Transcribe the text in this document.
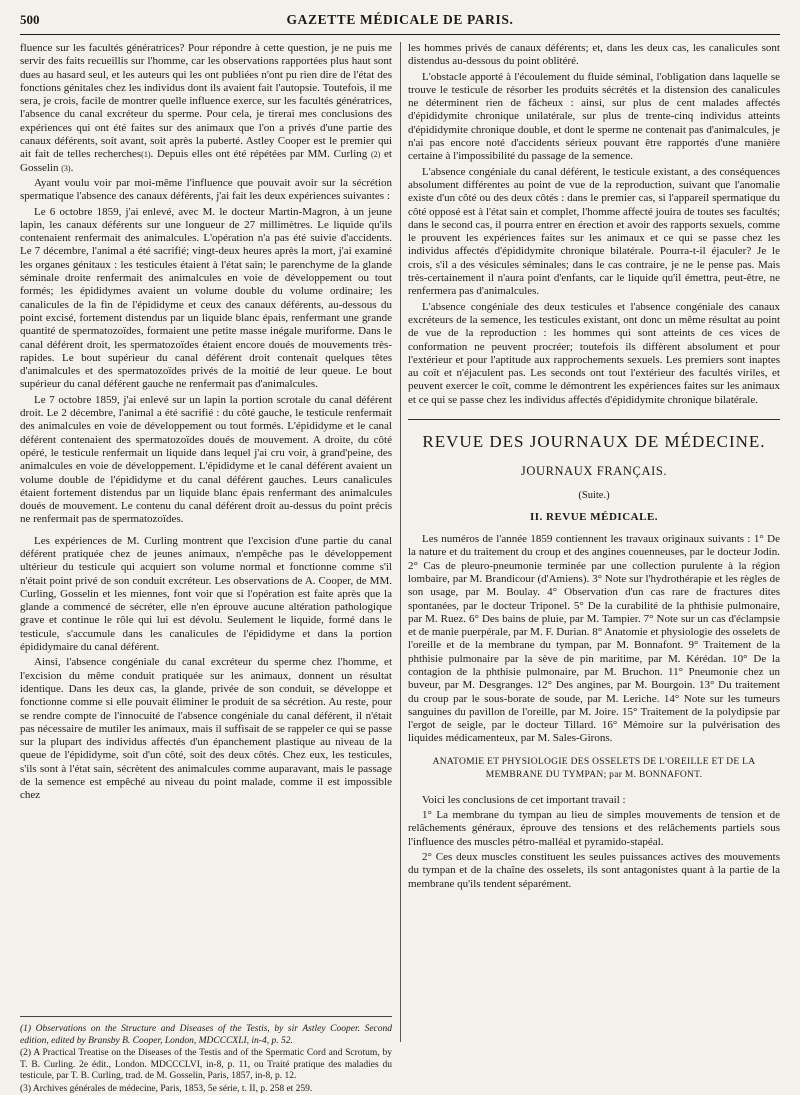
500	GAZETTE MÉDICALE DE PARIS.

fluence sur les facultés génératrices? Pour répondre à cette question, je ne puis me servir des faits recueillis sur l'homme, car les observations rapportées plus haut sont dues au hasard seul, et les auteurs qui les ont publiées n'ont pu rien dire de l'état des fonctions génitales chez les individus dont ils avaient fait l'autopsie. Toutefois, il me sera, je crois, facile de montrer quelle influence exerce, sur les facultés génératrices, l'absence du canal excréteur du sperme. Pour cela, je tirerai mes conclusions des expériences qui ont été faites sur des animaux que l'on a privés d'une partie des canaux déférents, soit avant, soit après la puberté. Astley Cooper est le premier qui ait fait de telles recherches$^{(1)}$. Depuis elles ont été répétées par MM. Curling $^{(2)}$ et Gosselin $^{(3)}$.

Ayant voulu voir par moi-même l'influence que pouvait avoir sur la sécrétion spermatique l'absence des canaux déférents, j'ai fait les deux expériences suivantes :

Le 6 octobre 1859, j'ai enlevé, avec M. le docteur Martin-Magron, à un jeune lapin, les canaux déférents sur une longueur de 27 millimètres. Le liquide qu'ils contenaient renfermait des animalcules. L'opération n'a pas été suivie d'accidents. Le 7 décembre, l'animal a été sacrifié; vingt-deux heures après la mort, j'ai examiné les organes génitaux : les testicules étaient à l'état sain; le parenchyme de la glande séminale droite renfermait des animalcules en voie de développement ou tout formés; les épididymes avaient un volume double du volume ordinaire; les canalicules de la fin de l'épididyme et ceux des canaux déférents, au-dessous du point excisé, fortement distendus par un liquide blanc épais, renfermant une grande quantité de spermatozoïdes, formaient une petite masse inégale muriforme. Dans le canal déférent droit, les spermatozoïdes étaient encore doués de mouvements très-rapides. Le bout supérieur du canal déférent droit contenait quelques têtes d'animalcules et des spermatozoïdes privés de la moitié de leur queue. Le bout supérieur du canal déférent gauche ne renfermait pas d'animalcules.

Le 7 octobre 1859, j'ai enlevé sur un lapin la portion scrotale du canal déférent droit. Le 2 décembre, l'animal a été sacrifié : du côté gauche, le testicule renfermait des animalcules en voie de développement ou tout formés. L'épididyme et le canal déférent contenaient des spermatozoïdes doués de mouvement. A droite, du côté opéré, le testicule renfermait un liquide dans lequel j'ai cru voir, à grand'peine, des animalcules en voie de développement. L'épididyme et le canal déférent avaient un volume double de l'épididyme et du canal déférent gauches. Leurs canalicules étaient fortement distendus par un liquide blanc épais renfermant des animalcules doués de mouvement. Le contenu du canal déférent droit au-dessus du point précis ne renfermait pas de spermatozoïdes.

Les expériences de M. Curling montrent que l'excision d'une partie du canal déférent pratiquée chez de jeunes animaux, n'empêche pas le développement ultérieur du testicule qui acquiert son volume normal et fonctionne comme s'il n'était point privé de son conduit excréteur. Les observations de A. Cooper, de MM. Curling, Gosselin et les miennes, font voir que si l'opération est faite après que la glande a commencé de sécréter, elle n'en éprouve aucune altération pathologique grave et continue le rôle qui lui est dévolu. Seulement le liquide, formé dans le testicule, s'accumule dans les canalicules de l'épididyme et dans la portion épididymaire du canal déférent.

Ainsi, l'absence congéniale du canal excréteur du sperme chez l'homme, et l'excision du même conduit pratiquée sur les animaux, donnent un résultat identique. Dans les deux cas, la glande, privée de son conduit, se développe et fonctionne comme si elle pouvait éliminer le produit de sa sécrétion. Au reste, pour se rendre compte de l'innocuité de l'absence congéniale du canal déférent, il n'était pas nécessaire de mutiler les animaux, mais il suffisait de se rappeler ce qui se passe sur la plupart des individus affectés d'un épanchement plastique au niveau de la queue de l'épididyme, soit d'un côté, soit des deux côtés. Chez eux, les testicules, s'ils sont à l'état sain, sécrètent des animalcules comme auparavant, mais le passage de la semence est empêché au niveau du point malade, comme il est impossible chez

(1) Observations on the Structure and Diseases of the Testis, by sir Astley Cooper. Second edition, edited by Bransby B. Cooper, London, MDCCCXLI, in-4, p. 52.

(2) A Practical Treatise on the Diseases of the Testis and of the Spermatic Cord and Scrotum, by T. B. Curling. 2e édit., London. MDCCCLVI, in-8, p. 11, ou Traité pratique des maladies du testicule, par T. B. Curling, trad. de M. Gosselin, Paris, 1857, in-8, p. 12.

(3) Archives générales de médecine, Paris, 1853, 5e série, t. II, p. 258 et 259.

les hommes privés de canaux déférents; et, dans les deux cas, les canalicules sont distendus au-dessous du point oblitéré.

L'obstacle apporté à l'écoulement du fluide séminal, l'obligation dans laquelle se trouve le testicule de résorber les produits sécrétés et la distension des canalicules ne déterminent rien de fâcheux : ainsi, sur plus de cent malades affectés d'épididymite chronique unilatérale, sur plus de trente-cinq individus atteints d'épididymite chronique double, et dont le sperme ne contenait pas d'animalcules, je n'ai pas encore noté d'accidents sérieux pouvant être rapportés d'une manière certaine à l'impossibilité du passage de la semence.

L'absence congéniale du canal déférent, le testicule existant, a des conséquences absolument différentes au point de vue de la reproduction, suivant que l'anomalie existe d'un côté ou des deux côtés : dans le premier cas, si l'appareil spermatique du côté opposé est à l'état sain et complet, l'homme affecté jouira de toutes ses facultés; dans le second cas, il pourra entrer en érection et avoir des rapports sexuels, comme le prouvent les expériences faites sur les animaux et ce qui se passe chez les individus affectés d'épididymite chronique bilatérale. Pourra-t-il éjaculer? Je le crois, s'il a des vésicules séminales; dans le cas contraire, je ne le pense pas. Mais très-certainement il n'aura point d'enfants, car le liquide qu'il émettra, peut-être, ne renfermera pas d'animalcules.

L'absence congéniale des deux testicules et l'absence congéniale des canaux excréteurs de la semence, les testicules existant, ont donc un même résultat au point de vue de la reproduction : les hommes qui sont atteints de ces vices de conformation ne peuvent procréer; toutefois ils diffèrent absolument et pour l'extérieur et pour l'aptitude aux rapprochements sexuels. Les premiers sont inaptes au coït et n'éjaculent pas. Les seconds ont tout l'extérieur des facultés viriles, et peuvent exercer le coït, comme le démontrent les expériences faites sur les animaux et ce qui se passe chez les individus affectés d'épididymite chronique bilatérale.

REVUE DES JOURNAUX DE MÉDECINE.
JOURNAUX FRANÇAIS.
(Suite.)
II. REVUE MÉDICALE.

Les numéros de l'année 1859 contiennent les travaux originaux suivants : 1° De la nature et du traitement du croup et des angines couenneuses, par le docteur Jodin. 2° Cas de pleuro-pneumonie terminée par une collection purulente à la région lombaire, par M. Brandicour (d'Amiens). 3° Note sur l'hydrothérapie et les règles de son usage, par M. Boulay. 4° Observation d'un cas rare de fractures dites spontanées, par le docteur Triponel. 5° De la curabilité de la phthisie pulmonaire, par M. Ruez. 6° Des bains de pluie, par M. Tampier. 7° Note sur un cas d'éclampsie et de manie puerpérale, par M. F. Durian. 8° Anatomie et physiologie des osselets de l'oreille et de la membrane du tympan, par M. Bonnafont. 9° Traitement de la phthisie pulmonaire par la sève de pin maritime, par M. Kérédan. 10° De la contagion de la phthisie pulmonaire, par M. Bruchon. 11° Pneumonie chez un buveur, par M. Desgranges. 12° Des angines, par M. Bourgoin. 13° Du traitement du croup par le sous-borate de soude, par M. Leriche. 14° Note sur les tumeurs sanguines du pavillon de l'oreille, par M. Joire. 15° Traitement de la polydipsie par l'ergot de seigle, par le docteur Tillard. 16° Mémoire sur la pulvérisation des liquides médicamenteux, par M. Sales-Girons.

ANATOMIE ET PHYSIOLOGIE DES OSSELETS DE L'OREILLE ET DE LA MEMBRANE DU TYMPAN; par M. BONNAFONT.

Voici les conclusions de cet important travail :

1° La membrane du tympan au lieu de simples mouvements de tension et de relâchements généraux, éprouve des tensions et des relâchements partiels sous l'influence des muscles pétro-malléal et pyramido-stapéal.

2° Ces deux muscles constituent les seules puissances actives des mouvements du tympan et de la chaîne des osselets, ils sont antagonistes quant à la partie de la membrane qu'ils tendent séparément.
